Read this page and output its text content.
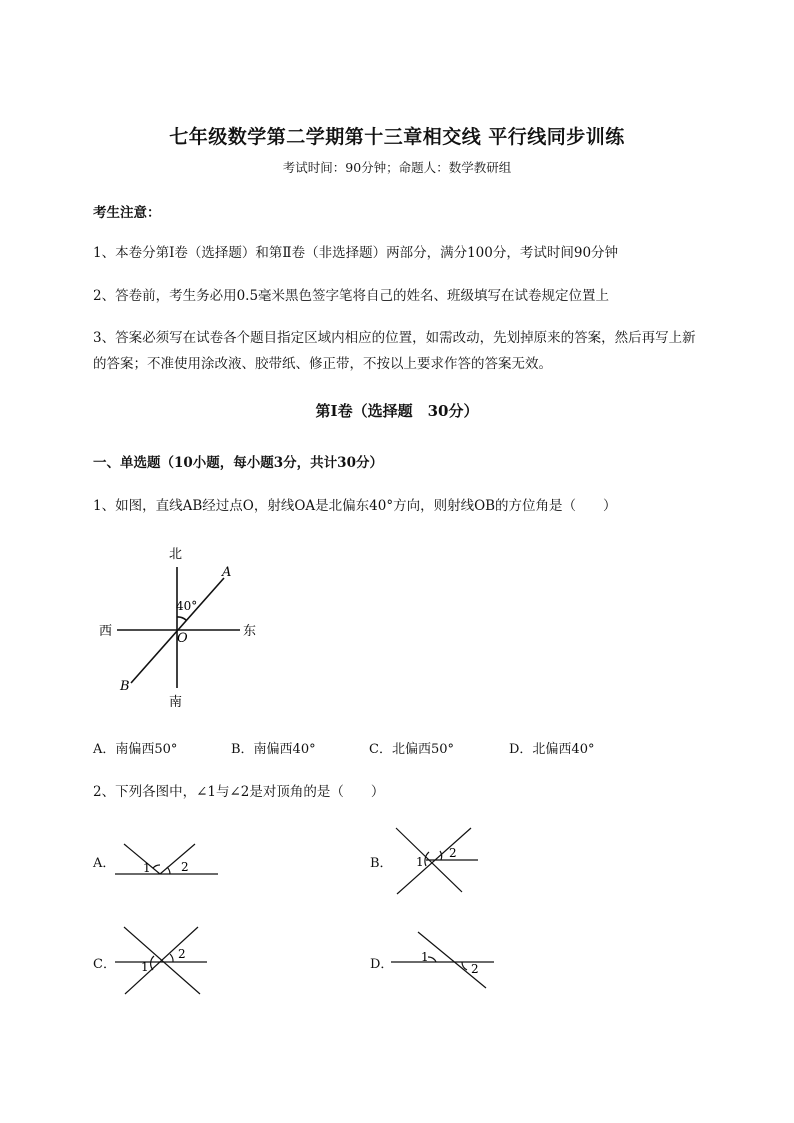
七年级数学第二学期第十三章相交线 平行线同步训练
考试时间：90分钟；命题人：数学教研组
考生注意：
1、本卷分第I卷（选择题）和第Ⅱ卷（非选择题）两部分，满分100分，考试时间90分钟
2、答卷前，考生务必用0.5毫米黑色签字笔将自己的姓名、班级填写在试卷规定位置上
3、答案必须写在试卷各个题目指定区域内相应的位置，如需改动，先划掉原来的答案，然后再写上新
的答案；不准使用涂改液、胶带纸、修正带，不按以上要求作答的答案无效。
第I卷（选择题　30分）
一、单选题（10小题，每小题3分，共计30分）
1、如图，直线AB经过点O，射线OA是北偏东40°方向，则射线OB的方位角是（　　）
北
南
西	东
A
B
O
40°
1	2	1
2
1
2	1
2
A．南偏西50°	B．南偏西40°	C．北偏西50°	D．北偏西40°
2、下列各图中，∠1与∠2是对顶角的是（　　）
A．	B．
C．	D．
